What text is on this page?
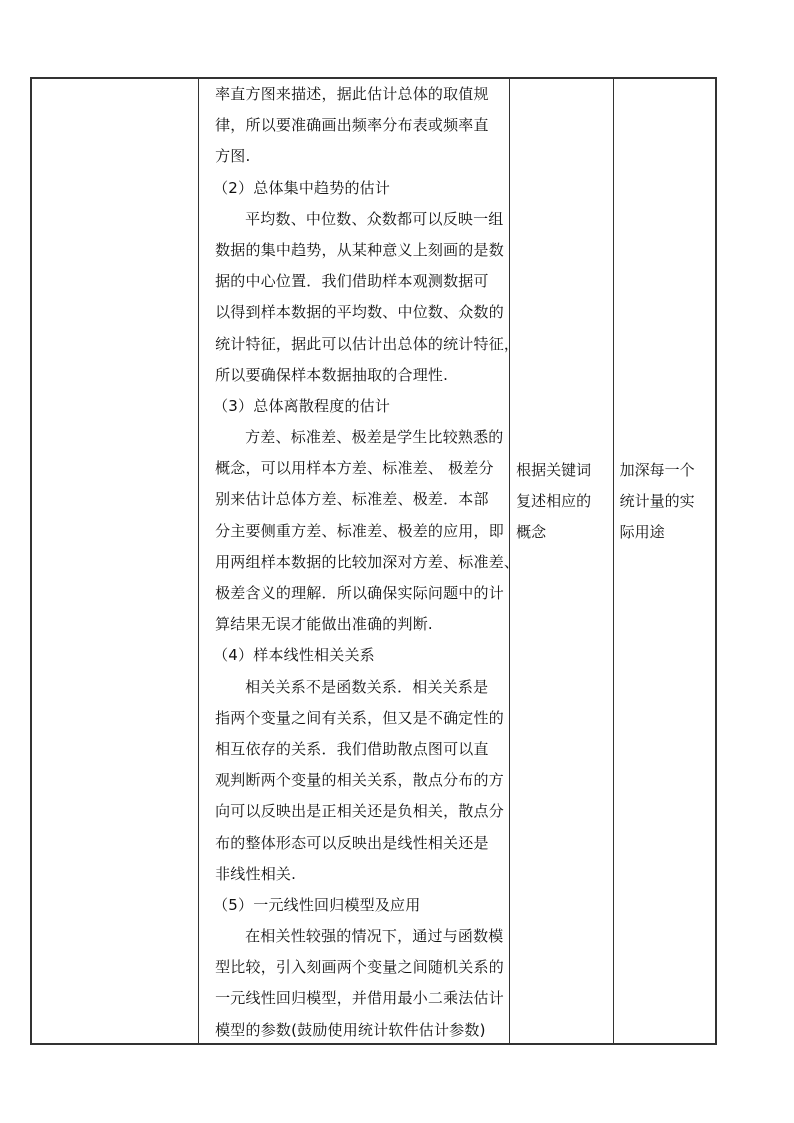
率直方图来描述，据此估计总体的取值规
律，所以要准确画出频率分布表或频率直
方图.
（2）总体集中趋势的估计
平均数、中位数、众数都可以反映一组
数据的集中趋势，从某种意义上刻画的是数
据的中心位置．我们借助样本观测数据可
以得到样本数据的平均数、中位数、众数的
统计特征，据此可以估计出总体的统计特征，
所以要确保样本数据抽取的合理性.
（3）总体离散程度的估计
方差、标准差、极差是学生比较熟悉的
概念，可以用样本方差、标准差、 极差分
别来估计总体方差、标准差、极差．本部
分主要侧重方差、标准差、极差的应用，即
用两组样本数据的比较加深对方差、标准差、
极差含义的理解．所以确保实际问题中的计
算结果无误才能做出准确的判断.
（4）样本线性相关关系
相关关系不是函数关系．相关关系是
指两个变量之间有关系，但又是不确定性的
相互依存的关系．我们借助散点图可以直
观判断两个变量的相关关系，散点分布的方
向可以反映出是正相关还是负相关，散点分
布的整体形态可以反映出是线性相关还是
非线性相关.
（5）一元线性回归模型及应用
在相关性较强的情况下，通过与函数模
型比较，引入刻画两个变量之间随机关系的
一元线性回归模型，并借用最小二乘法估计
模型的参数(鼓励使用统计软件估计参数)
根据关键词
复述相应的
概念
加深每一个
统计量的实
际用途
